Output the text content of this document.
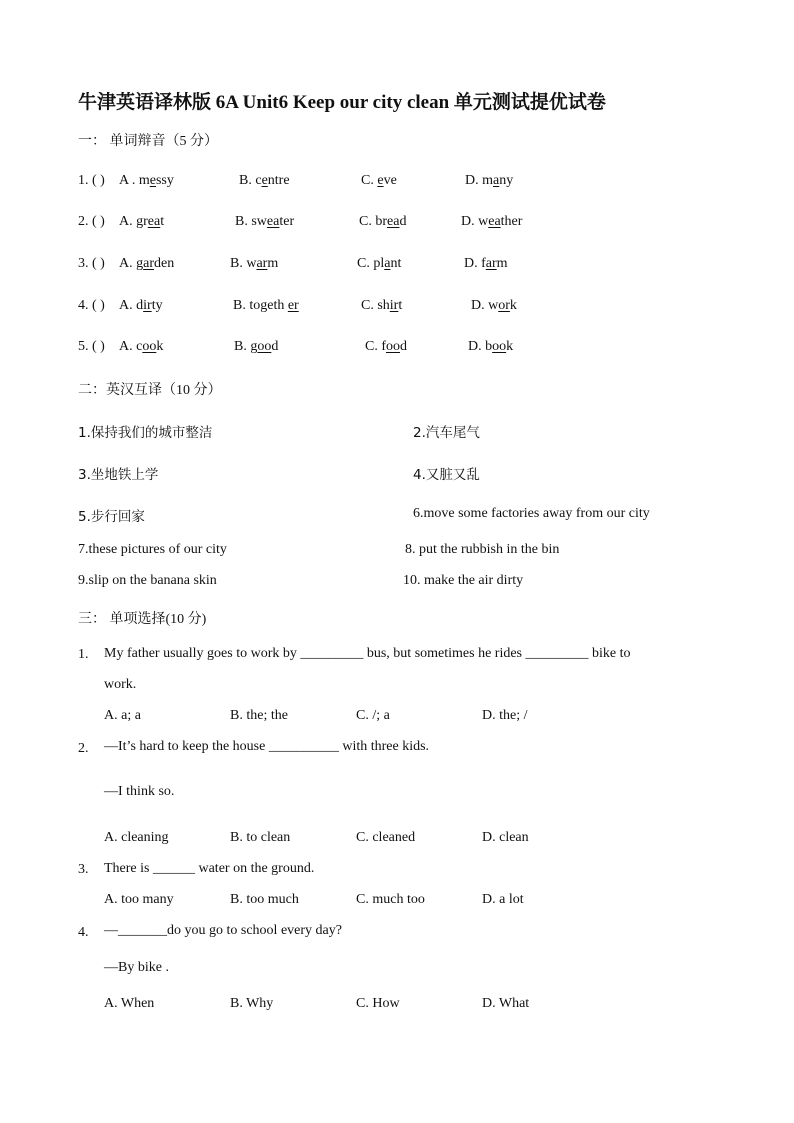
牛津英语译林版 6A Unit6 Keep our city clean 单元测试提优试卷
一： 单词辩音（5 分）
1. ( ) A . messy	B. centre	C. eve	D. many
2. ( ) A. great	B. sweater	C. bread	D. weather
3. ( ) A. garden	B. warm	C. plant	D. farm
4. ( ) A. dirty	B. togeth er	C. shirt	D. work
5. ( ) A. cook	B. good	C. food	D. book
二：英汉互译（10 分）
1.保持我们的城市整洁	2.汽车尾气
3.坐地铁上学	4.又脏又乱
5.步行回家	6.move some factories away from our city
7.these pictures of our city	8. put the rubbish in the bin
9.slip on the banana skin	10. make the air dirty
三： 单项选择(10 分)
1. My father usually goes to work by _________ bus, but sometimes he rides _________ bike to
work.
A. a; a	B. the; the	C. /; a	D. the; /
2. —It’s hard to keep the house __________ with three kids.
—I think so.
A. cleaning	B. to clean	C. cleaned	D. clean
3. There is ______ water on the ground.
A. too many	B. too much	C. much too	D. a lot
4. —_______do you go to school every day?
—By bike .
A. When	B. Why	C. How	D. What
